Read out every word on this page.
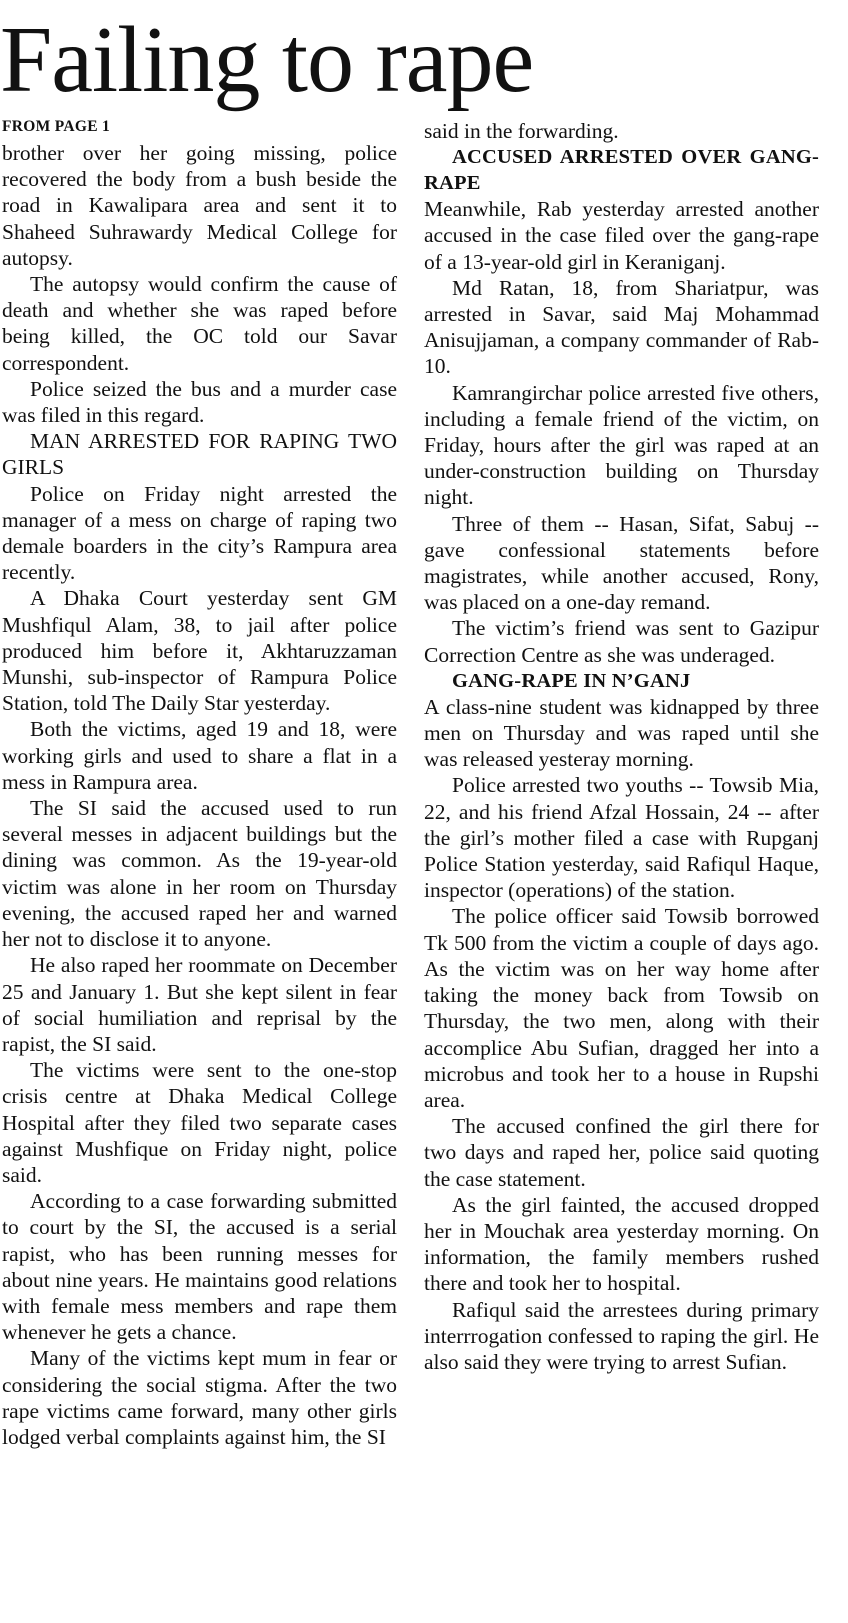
Failing to rape
FROM PAGE 1

brother over her going missing, police recovered the body from a bush beside the road in Kawalipara area and sent it to Shaheed Suhrawardy Medical College for autopsy.

The autopsy would confirm the cause of death and whether she was raped before being killed, the OC told our Savar correspondent.

Police seized the bus and a murder case was filed in this regard.

MAN ARRESTED FOR RAPING TWO GIRLS

Police on Friday night arrested the manager of a mess on charge of raping two demale boarders in the city’s Rampura area recently.

A Dhaka Court yesterday sent GM Mushfiqul Alam, 38, to jail after police produced him before it, Akhtaruzzaman Munshi, sub-inspector of Rampura Police Station, told The Daily Star yesterday.

Both the victims, aged 19 and 18, were working girls and used to share a flat in a mess in Rampura area.

The SI said the accused used to run several messes in adjacent buildings but the dining was common. As the 19-year-old victim was alone in her room on Thursday evening, the accused raped her and warned her not to disclose it to anyone.

He also raped her roommate on December 25 and January 1. But she kept silent in fear of social humiliation and reprisal by the rapist, the SI said.

The victims were sent to the one-stop crisis centre at Dhaka Medical College Hospital after they filed two separate cases against Mushfique on Friday night, police said.

According to a case forwarding submitted to court by the SI, the accused is a serial rapist, who has been running messes for about nine years. He maintains good relations with female mess members and rape them whenever he gets a chance.

Many of the victims kept mum in fear or considering the social stigma. After the two rape victims came forward, many other girls lodged verbal complaints against him, the SI

said in the forwarding.

ACCUSED ARRESTED OVER GANG-RAPE

Meanwhile, Rab yesterday arrested another accused in the case filed over the gang-rape of a 13-year-old girl in Keraniganj.

Md Ratan, 18, from Shariatpur, was arrested in Savar, said Maj Mohammad Anisujjaman, a company commander of Rab-10.

Kamrangirchar police arrested five others, including a female friend of the victim, on Friday, hours after the girl was raped at an under-construction building on Thursday night.

Three of them -- Hasan, Sifat, Sabuj -- gave confessional statements before magistrates, while another accused, Rony, was placed on a one-day remand.

The victim’s friend was sent to Gazipur Correction Centre as she was underaged.

GANG-RAPE IN N’GANJ

A class-nine student was kidnapped by three men on Thursday and was raped until she was released yesteray morning.

Police arrested two youths -- Towsib Mia, 22, and his friend Afzal Hossain, 24 -- after the girl’s mother filed a case with Rupganj Police Station yesterday, said Rafiqul Haque, inspector (operations) of the station.

The police officer said Towsib borrowed Tk 500 from the victim a couple of days ago. As the victim was on her way home after taking the money back from Towsib on Thursday, the two men, along with their accomplice Abu Sufian, dragged her into a microbus and took her to a house in Rupshi area.

The accused confined the girl there for two days and raped her, police said quoting the case statement.

As the girl fainted, the accused dropped her in Mouchak area yesterday morning. On information, the family members rushed there and took her to hospital.

Rafiqul said the arrestees during primary interrrogation confessed to raping the girl. He also said they were trying to arrest Sufian.
